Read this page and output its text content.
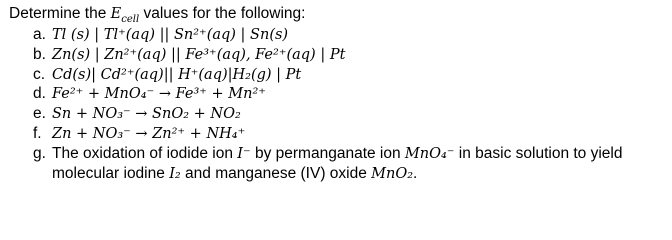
Determine the $E_{cell}$ values for the following:
a. Tl (s) | Tl⁺(aq) || Sn²⁺(aq) | Sn(s)
b. Zn(s) | Zn²⁺(aq) || Fe³⁺(aq), Fe²⁺(aq) | Pt
c. Cd(s)| Cd²⁺(aq)|| H⁺(aq)|H₂(g) | Pt
d. Fe²⁺ + MnO₄⁻ → Fe³⁺ + Mn²⁺
e. Sn + NO₃⁻ → SnO₂ + NO₂
f. Zn + NO₃⁻ → Zn²⁺ + NH₄⁺
g. The oxidation of iodide ion I⁻ by permanganate ion MnO₄⁻ in basic solution to yield
molecular iodine I₂ and manganese (IV) oxide MnO₂.
